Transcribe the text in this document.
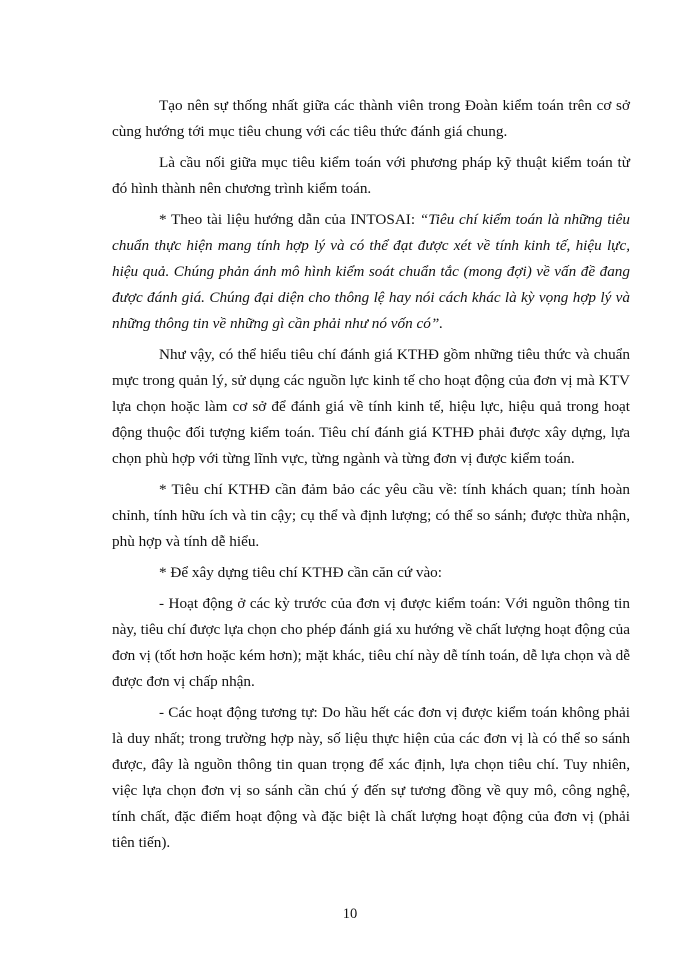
Tạo nên sự thống nhất giữa các thành viên trong Đoàn kiểm toán trên cơ sở cùng hướng tới mục tiêu chung với các tiêu thức đánh giá chung.

Là cầu nối giữa mục tiêu kiểm toán với phương pháp kỹ thuật kiểm toán từ đó hình thành nên chương trình kiểm toán.

* Theo tài liệu hướng dẫn của INTOSAI: “Tiêu chí kiểm toán là những tiêu chuẩn thực hiện mang tính hợp lý và có thể đạt được xét về tính kinh tế, hiệu lực, hiệu quả. Chúng phản ánh mô hình kiểm soát chuẩn tắc (mong đợi) về vấn đề đang được đánh giá. Chúng đại diện cho thông lệ hay nói cách khác là kỳ vọng hợp lý và những thông tin về những gì cần phải như nó vốn có”.

Như vậy, có thể hiểu tiêu chí đánh giá KTHĐ gồm những tiêu thức và chuẩn mực trong quản lý, sử dụng các nguồn lực kinh tế cho hoạt động của đơn vị mà KTV lựa chọn hoặc làm cơ sở để đánh giá về tính kinh tế, hiệu lực, hiệu quả trong hoạt động thuộc đối tượng kiểm toán. Tiêu chí đánh giá KTHĐ phải được xây dựng, lựa chọn phù hợp với từng lĩnh vực, từng ngành và từng đơn vị được kiểm toán.

* Tiêu chí KTHĐ cần đảm bảo các yêu cầu về: tính khách quan; tính hoàn chỉnh, tính hữu ích và tin cậy; cụ thể và định lượng; có thể so sánh; được thừa nhận, phù hợp và tính dễ hiểu.

* Để xây dựng tiêu chí KTHĐ cần căn cứ vào:

- Hoạt động ở các kỳ trước của đơn vị được kiểm toán: Với nguồn thông tin này, tiêu chí được lựa chọn cho phép đánh giá xu hướng về chất lượng hoạt động của đơn vị (tốt hơn hoặc kém hơn); mặt khác, tiêu chí này dễ tính toán, dễ lựa chọn và dễ được đơn vị chấp nhận.

- Các hoạt động tương tự: Do hầu hết các đơn vị được kiểm toán không phải là duy nhất; trong trường hợp này, số liệu thực hiện của các đơn vị là có thể so sánh được, đây là nguồn thông tin quan trọng để xác định, lựa chọn tiêu chí. Tuy nhiên, việc lựa chọn đơn vị so sánh cần chú ý đến sự tương đồng về quy mô, công nghệ, tính chất, đặc điểm hoạt động và đặc biệt là chất lượng hoạt động của đơn vị (phải tiên tiến).

10
